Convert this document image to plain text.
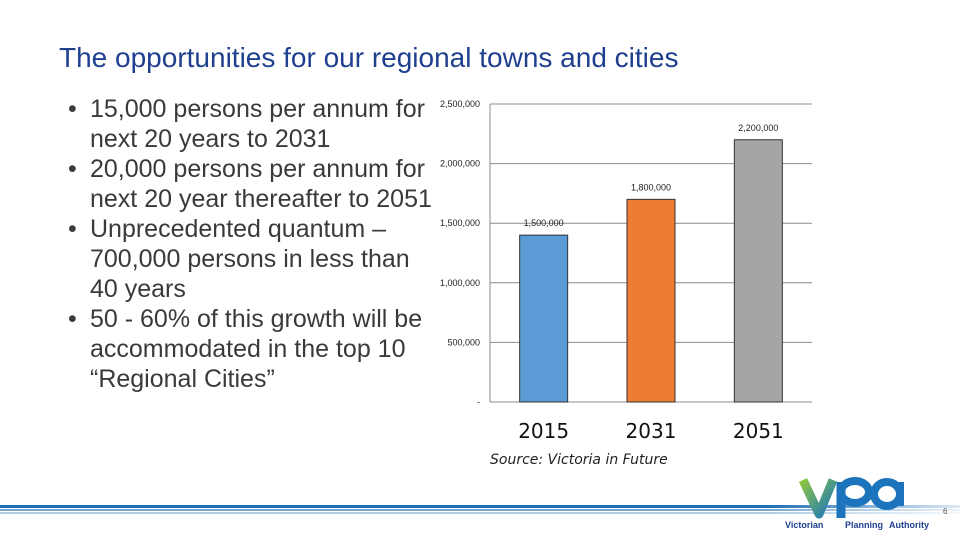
The opportunities for our regional towns and cities
• 15,000 persons per annum for next 20 years to 2031
• 20,000 persons per annum for next 20 year thereafter to 2051
• Unprecedented quantum – 700,000 persons in less than 40 years
• 50 - 60% of this growth will be accommodated in the top 10 “Regional Cities”
-
500,000
1,000,000
1,500,000
2,000,000
2,500,000
1,500,000
2015
1,800,000
2031
2,200,000
2051
Source: Victoria in Future
Victorian Planning Authority
6
